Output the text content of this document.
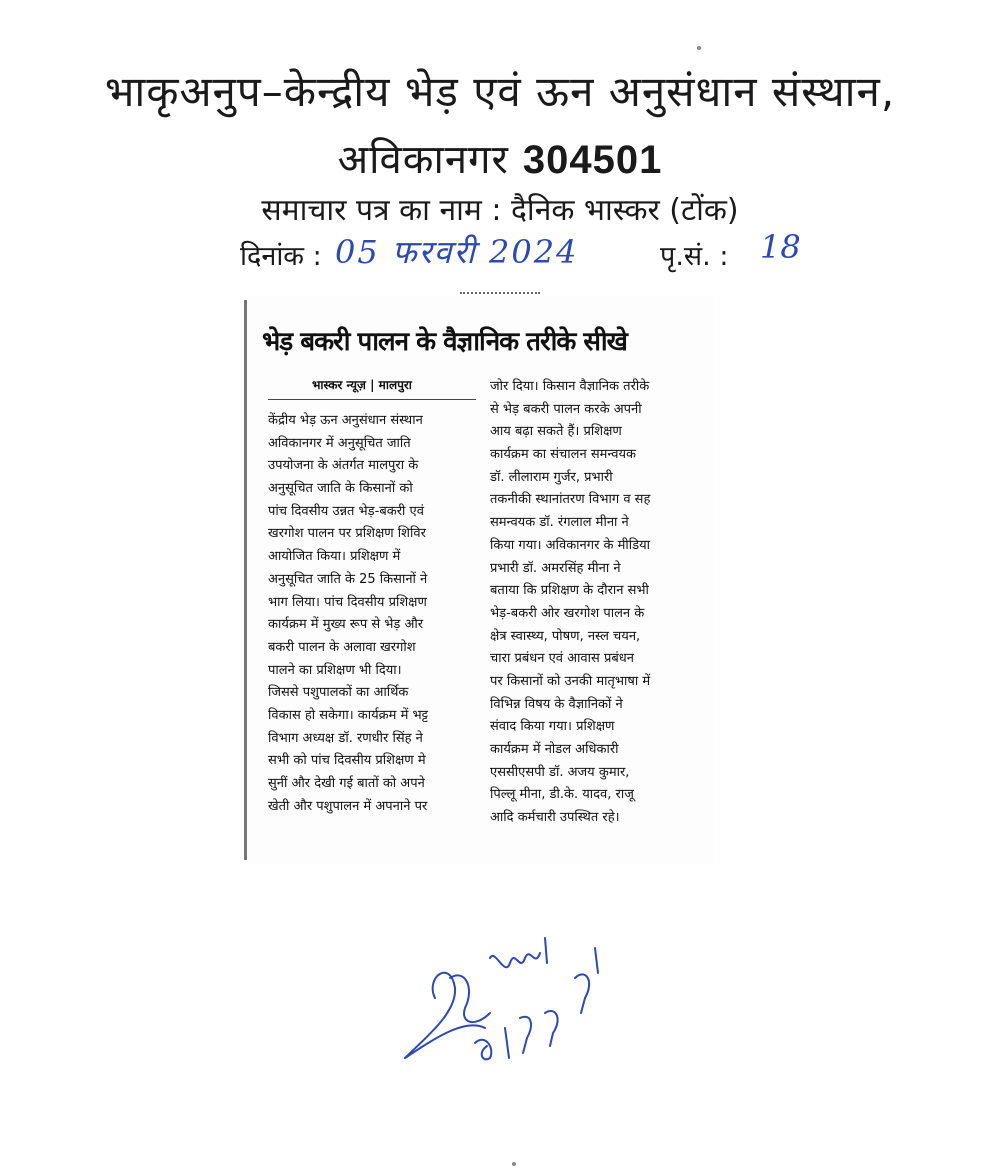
भाकृअनुप–केन्द्रीय भेड़ एवं ऊन अनुसंधान संस्थान,
अविकानगर 304501
समाचार पत्र का नाम : दैनिक भास्कर (टोंक)
दिनांक : 05 फरवरी 2024	पृ.सं. : 18
भेड़ बकरी पालन के वैज्ञानिक तरीके सीखे
भास्कर न्यूज़ | मालपुरा
केंद्रीय भेड़ ऊन अनुसंधान संस्थान
अविकानगर में अनुसूचित जाति
उपयोजना के अंतर्गत मालपुरा के
अनुसूचित जाति के किसानों को
पांच दिवसीय उन्नत भेड़-बकरी एवं
खरगोश पालन पर प्रशिक्षण शिविर
आयोजित किया। प्रशिक्षण में
अनुसूचित जाति के 25 किसानों ने
भाग लिया। पांच दिवसीय प्रशिक्षण
कार्यक्रम में मुख्य रूप से भेड़ और
बकरी पालन के अलावा खरगोश
पालने का प्रशिक्षण भी दिया।
जिससे पशुपालकों का आर्थिक
विकास हो सकेगा। कार्यक्रम में भट्ट
विभाग अध्यक्ष डॉ. रणधीर सिंह ने
सभी को पांच दिवसीय प्रशिक्षण मे
सुनीं और देखी गई बातों को अपने
खेती और पशुपालन में अपनाने पर
जोर दिया। किसान वैज्ञानिक तरीके
से भेड़ बकरी पालन करके अपनी
आय बढ़ा सकते हैं। प्रशिक्षण
कार्यक्रम का संचालन समन्वयक
डॉ. लीलाराम गुर्जर, प्रभारी
तकनीकी स्थानांतरण विभाग व सह
समन्वयक डॉ. रंगलाल मीना ने
किया गया। अविकानगर के मीडिया
प्रभारी डॉ. अमरसिंह मीना ने
बताया कि प्रशिक्षण के दौरान सभी
भेड़-बकरी ओर खरगोश पालन के
क्षेत्र स्वास्थ्य, पोषण, नस्ल चयन,
चारा प्रबंधन एवं आवास प्रबंधन
पर किसानों को उनकी मातृभाषा में
विभिन्न विषय के वैज्ञानिकों ने
संवाद किया गया। प्रशिक्षण
कार्यक्रम में नोडल अधिकारी
एससीएसपी डॉ. अजय कुमार,
पिल्लू मीना, डी.के. यादव, राजू
आदि कर्मचारी उपस्थित रहे।
